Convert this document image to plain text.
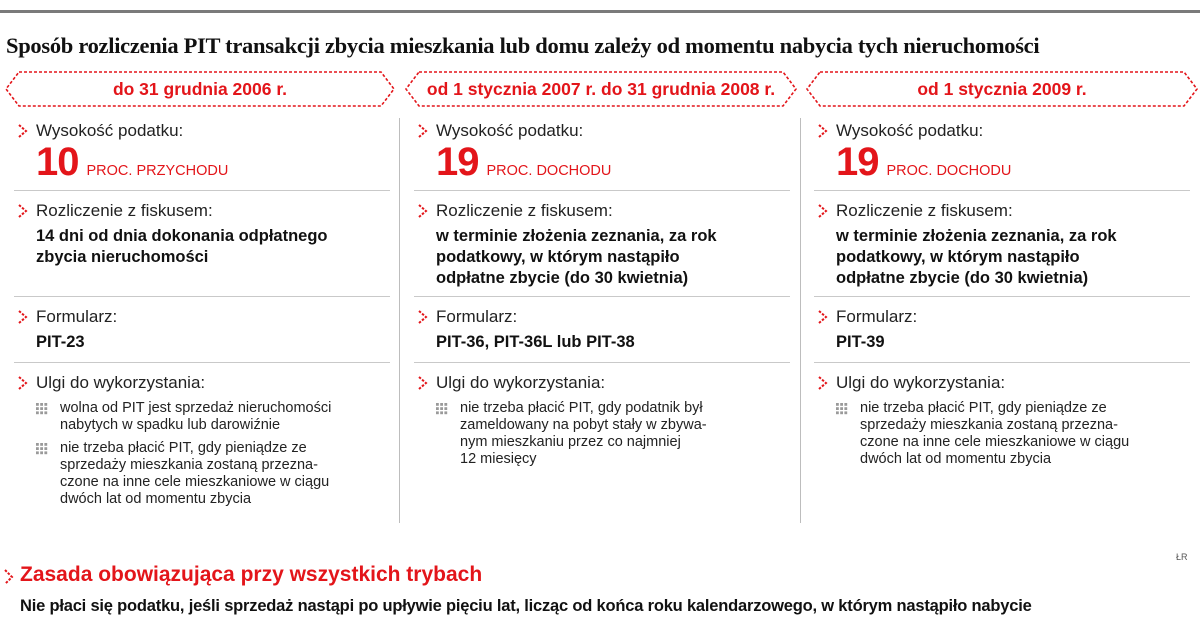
Sposób rozliczenia PIT transakcji zbycia mieszkania lub domu zależy od momentu nabycia tych nieruchomości
do 31 grudnia 2006 r.	od 1 stycznia 2007 r. do 31 grudnia 2008 r.	od 1 stycznia 2009 r.
Wysokość podatku:
10 PROC. PRZYCHODU
Rozliczenie z fiskusem:
14 dni od dnia dokonania odpłatnego
zbycia nieruchomości
Formularz:
PIT-23
Ulgi do wykorzystania:
wolna od PIT jest sprzedaż nieruchomości
nabytych w spadku lub darowiźnie
nie trzeba płacić PIT, gdy pieniądze ze
sprzedaży mieszkania zostaną przezna-
czone na inne cele mieszkaniowe w ciągu
dwóch lat od momentu zbycia
Wysokość podatku:
19 PROC. DOCHODU
Rozliczenie z fiskusem:
w terminie złożenia zeznania, za rok
podatkowy, w którym nastąpiło
odpłatne zbycie (do 30 kwietnia)
Formularz:
PIT-36, PIT-36L lub PIT-38
Ulgi do wykorzystania:
nie trzeba płacić PIT, gdy podatnik był
zameldowany na pobyt stały w zbywa-
nym mieszkaniu przez co najmniej
12 miesięcy
Wysokość podatku:
19 PROC. DOCHODU
Rozliczenie z fiskusem:
w terminie złożenia zeznania, za rok
podatkowy, w którym nastąpiło
odpłatne zbycie (do 30 kwietnia)
Formularz:
PIT-39
Ulgi do wykorzystania:
nie trzeba płacić PIT, gdy pieniądze ze
sprzedaży mieszkania zostaną przezna-
czone na inne cele mieszkaniowe w ciągu
dwóch lat od momentu zbycia
ŁR
Zasada obowiązująca przy wszystkich trybach
Nie płaci się podatku, jeśli sprzedaż nastąpi po upływie pięciu lat, licząc od końca roku kalendarzowego, w którym nastąpiło nabycie
